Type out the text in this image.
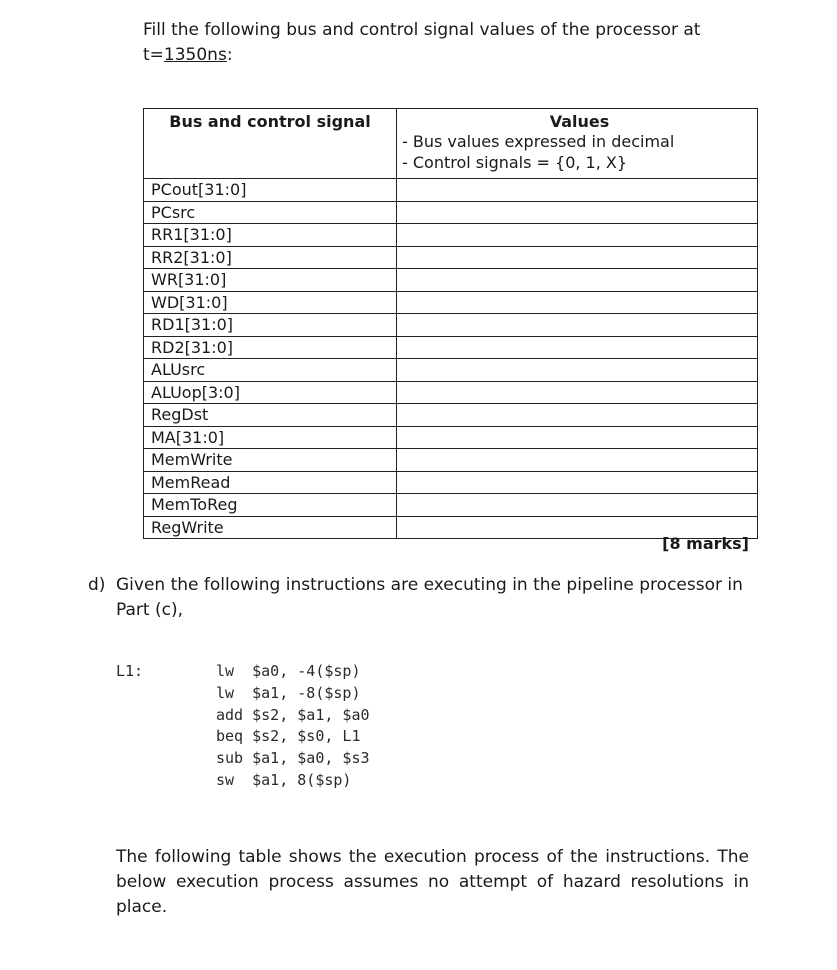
Fill the following bus and control signal values of the processor at
t=1350ns:
Bus and control signal	Values
- Bus values expressed in decimal
- Control signals = {0, 1, X}

PCout[31:0]	
PCsrc	
RR1[31:0]	
RR2[31:0]	
WR[31:0]	
WD[31:0]	
RD1[31:0]	
RD2[31:0]	
ALUsrc	
ALUop[3:0]	
RegDst	
MA[31:0]	
MemWrite	
MemRead	
MemToReg	
RegWrite	
[8 marks]
d) Given the following instructions are executing in the pipeline processor in Part (c),
L1:	lw  $a0, -4($sp)
lw  $a1, -8($sp)
add $s2, $a1, $a0
beq $s2, $s0, L1
sub $a1, $a0, $s3
sw  $a1, 8($sp)
The following table shows the execution process of the instructions. The below execution process assumes no attempt of hazard resolutions in place.
